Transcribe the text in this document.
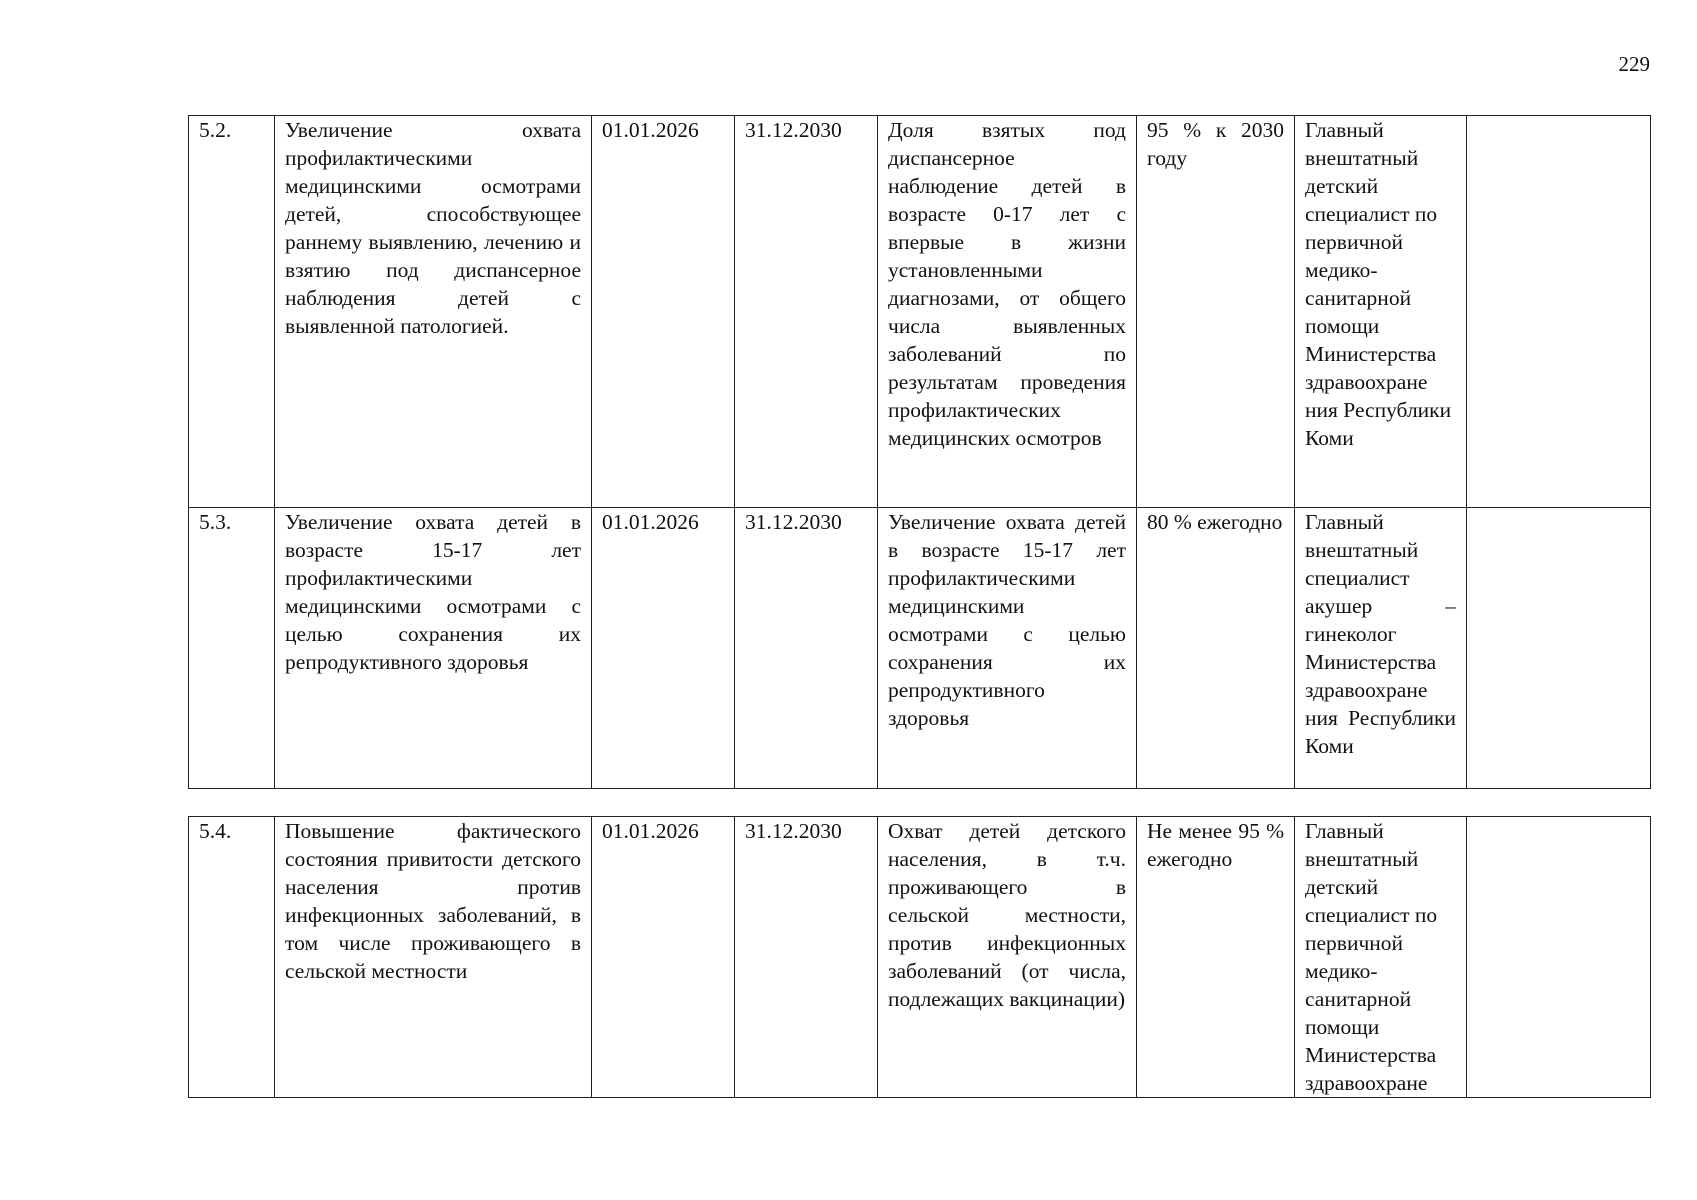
229
5.2.	Увеличение охвата профилактическими медицинскими осмотрами детей, способствующее раннему выявлению, лечению и взятию под диспансерное наблюдения детей с выявленной патологией.	01.01.2026	31.12.2030	Доля взятых под диспансерное наблюдение детей в возрасте 0-17 лет с впервые в жизни установленными диагнозами, от общего числа выявленных заболеваний по результатам проведения профилактических медицинских осмотров	95 % к 2030 году	Главный внештатный детский специалист по первичной медико-санитарной помощи Министерства здравоохране ния Республики Коми	
5.3.	Увеличение охвата детей в возрасте 15-17 лет профилактическими медицинскими осмотрами с целью сохранения их репродуктивного здоровья	01.01.2026	31.12.2030	Увеличение охвата детей в возрасте 15-17 лет профилактическими медицинскими осмотрами с целью сохранения их репродуктивного здоровья	80 % ежегодно	Главный внештатный специалист акушер – гинеколог Министерства здравоохране ния Республики Коми	
5.4.	Повышение фактического состояния привитости детского населения против инфекционных заболеваний, в том числе проживающего в сельской местности	01.01.2026	31.12.2030	Охват детей детского населения, в т.ч. проживающего в сельской местности, против инфекционных заболеваний (от числа, подлежащих вакцинации)	Не менее 95 % ежегодно	Главный внештатный детский специалист по первичной медико-санитарной помощи Министерства здравоохране	
